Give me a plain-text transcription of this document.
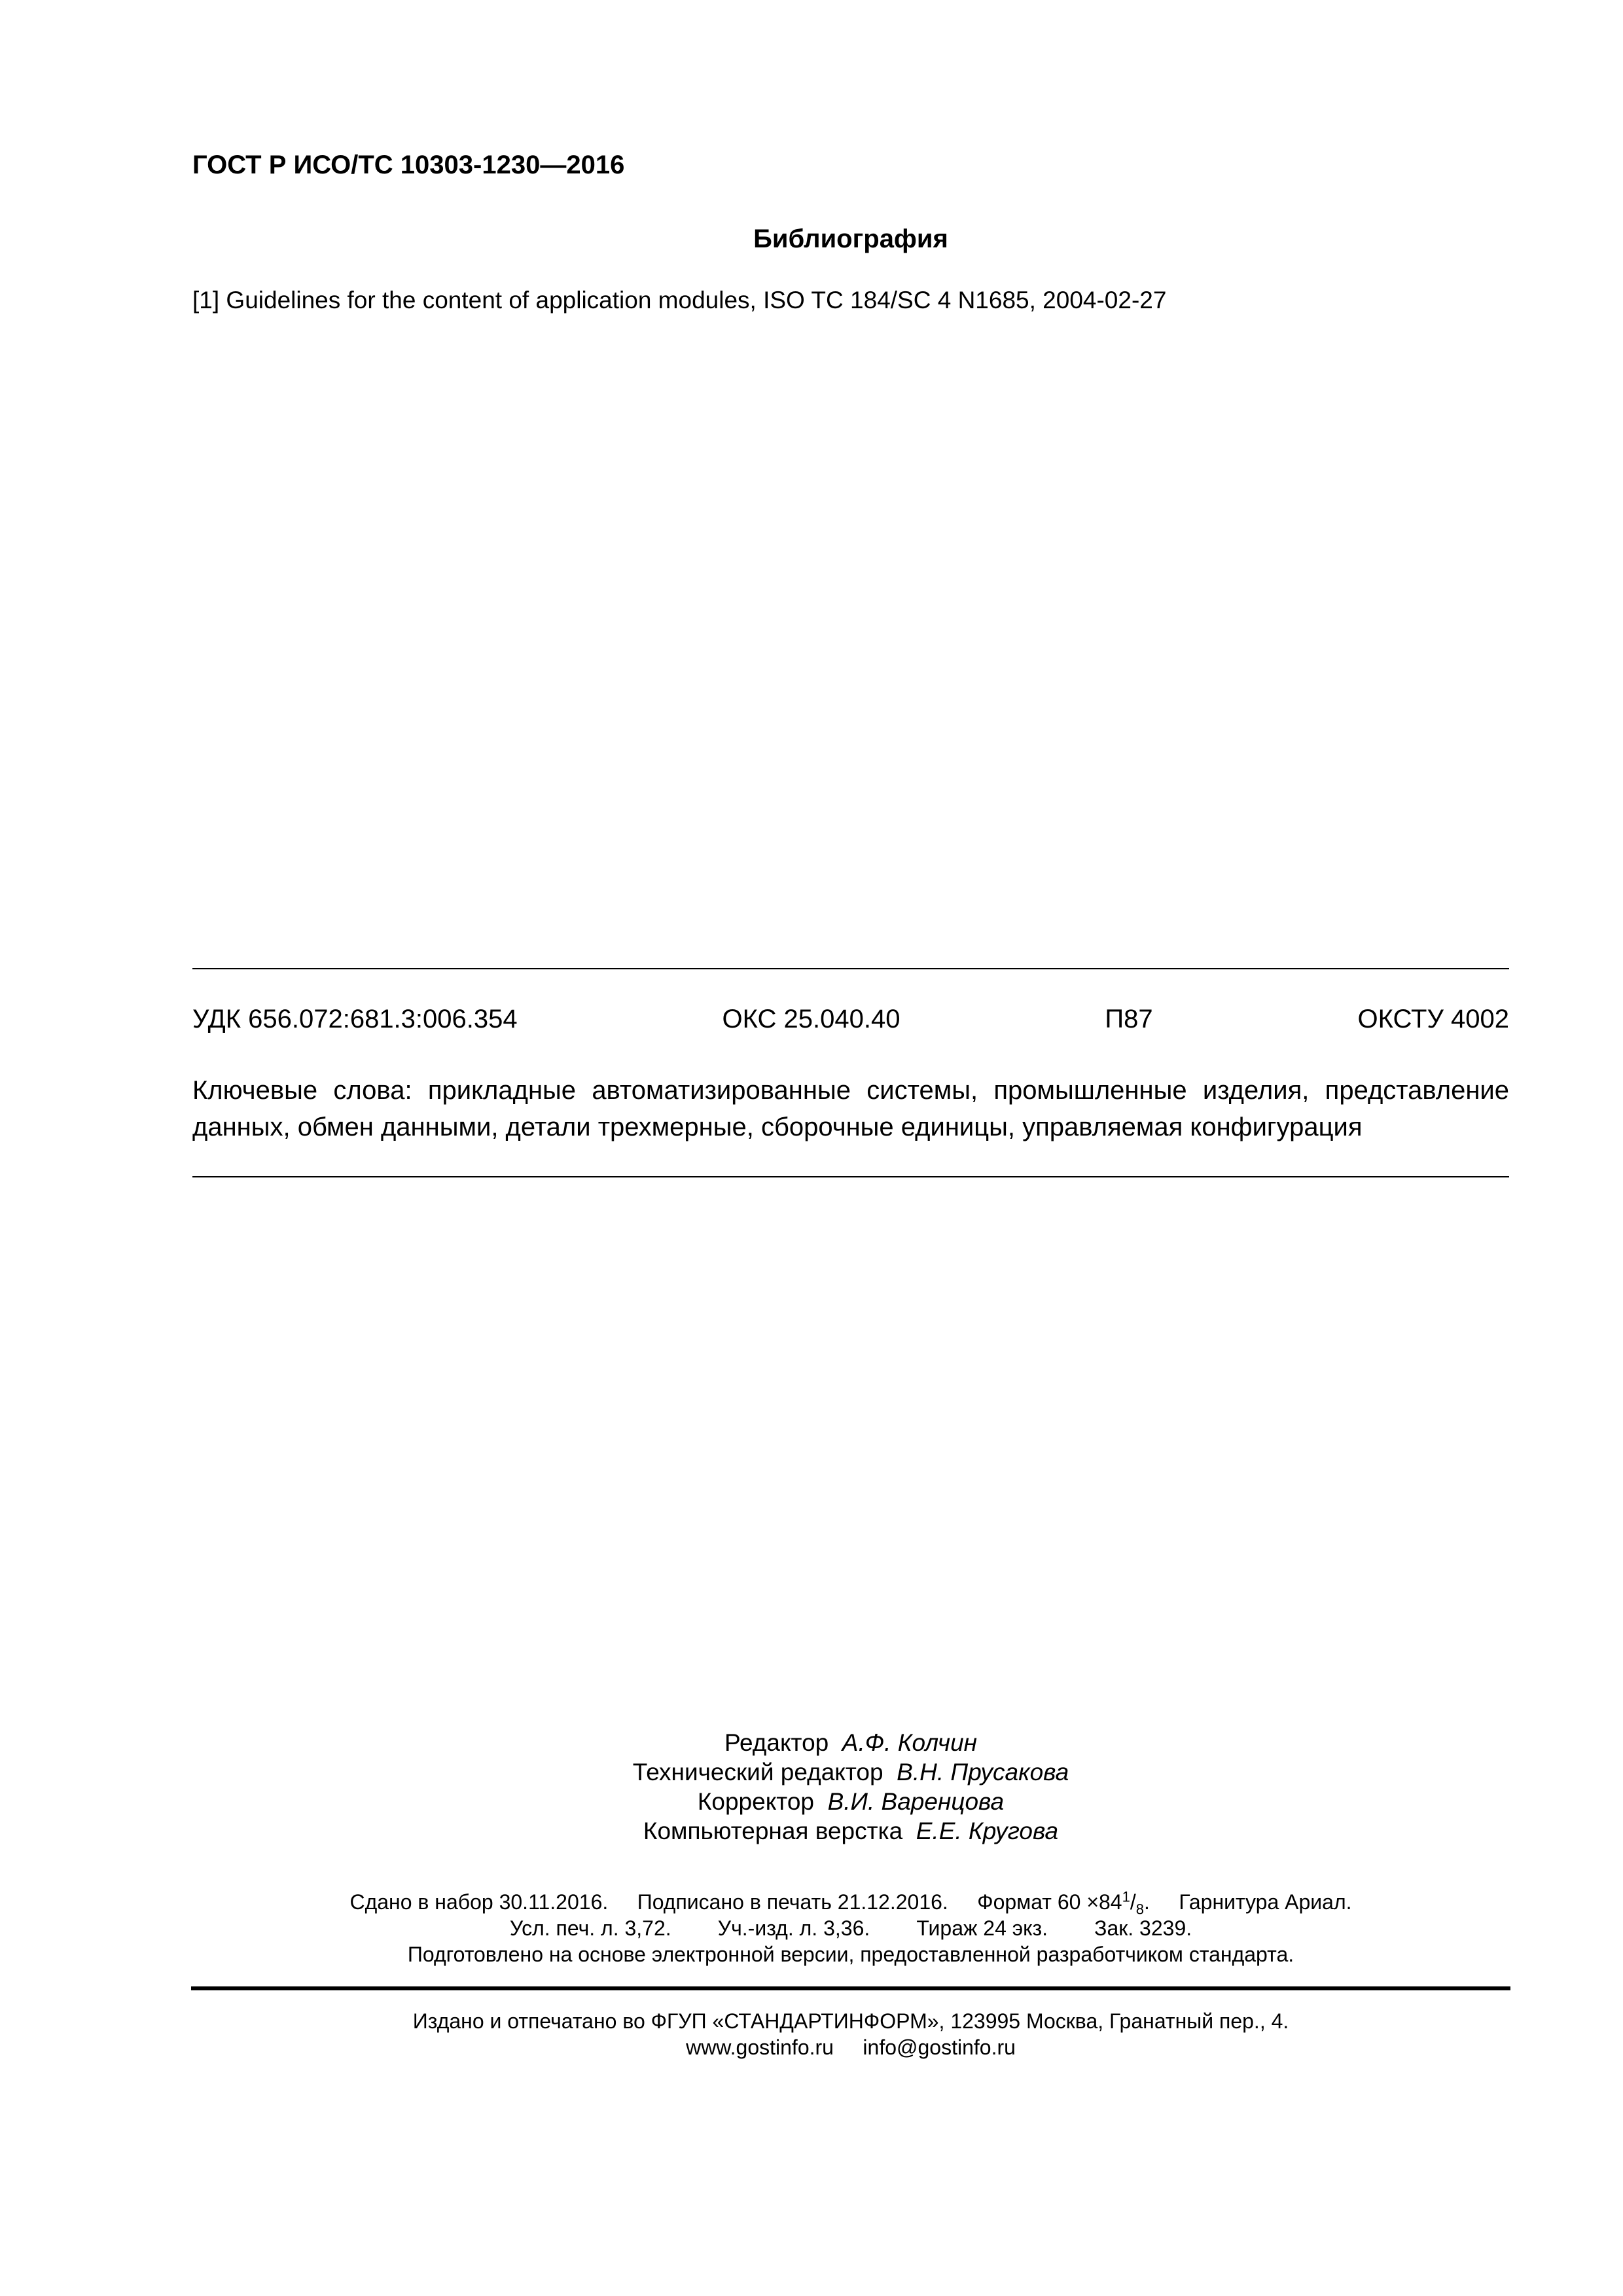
ГОСТ Р ИСО/ТС 10303-1230—2016
Библиография
[1] Guidelines for the content of application modules, ISO TC 184/SC 4 N1685, 2004-02-27
УДК 656.072:681.3:006.354	ОКС 25.040.40	П87	ОКСТУ 4002
Ключевые слова: прикладные автоматизированные системы, промышленные изделия, представление данных, обмен данными, детали трехмерные, сборочные единицы, управляемая конфигурация
Редактор А.Ф. Колчин
Технический редактор В.Н. Прусакова
Корректор В.И. Варенцова
Компьютерная верстка Е.Е. Кругова
Сдано в набор 30.11.2016.     Подписано в печать 21.12.2016.     Формат $60 \times 84^1/_8$.     Гарнитура Ариал.
Усл. печ. л. 3,72.        Уч.-изд. л. 3,36.        Тираж 24 экз.        Зак. 3239.
Подготовлено на основе электронной версии, предоставленной разработчиком стандарта.
Издано и отпечатано во ФГУП «СТАНДАРТИНФОРМ», 123995 Москва, Гранатный пер., 4.
www.gostinfo.ru     info@gostinfo.ru
